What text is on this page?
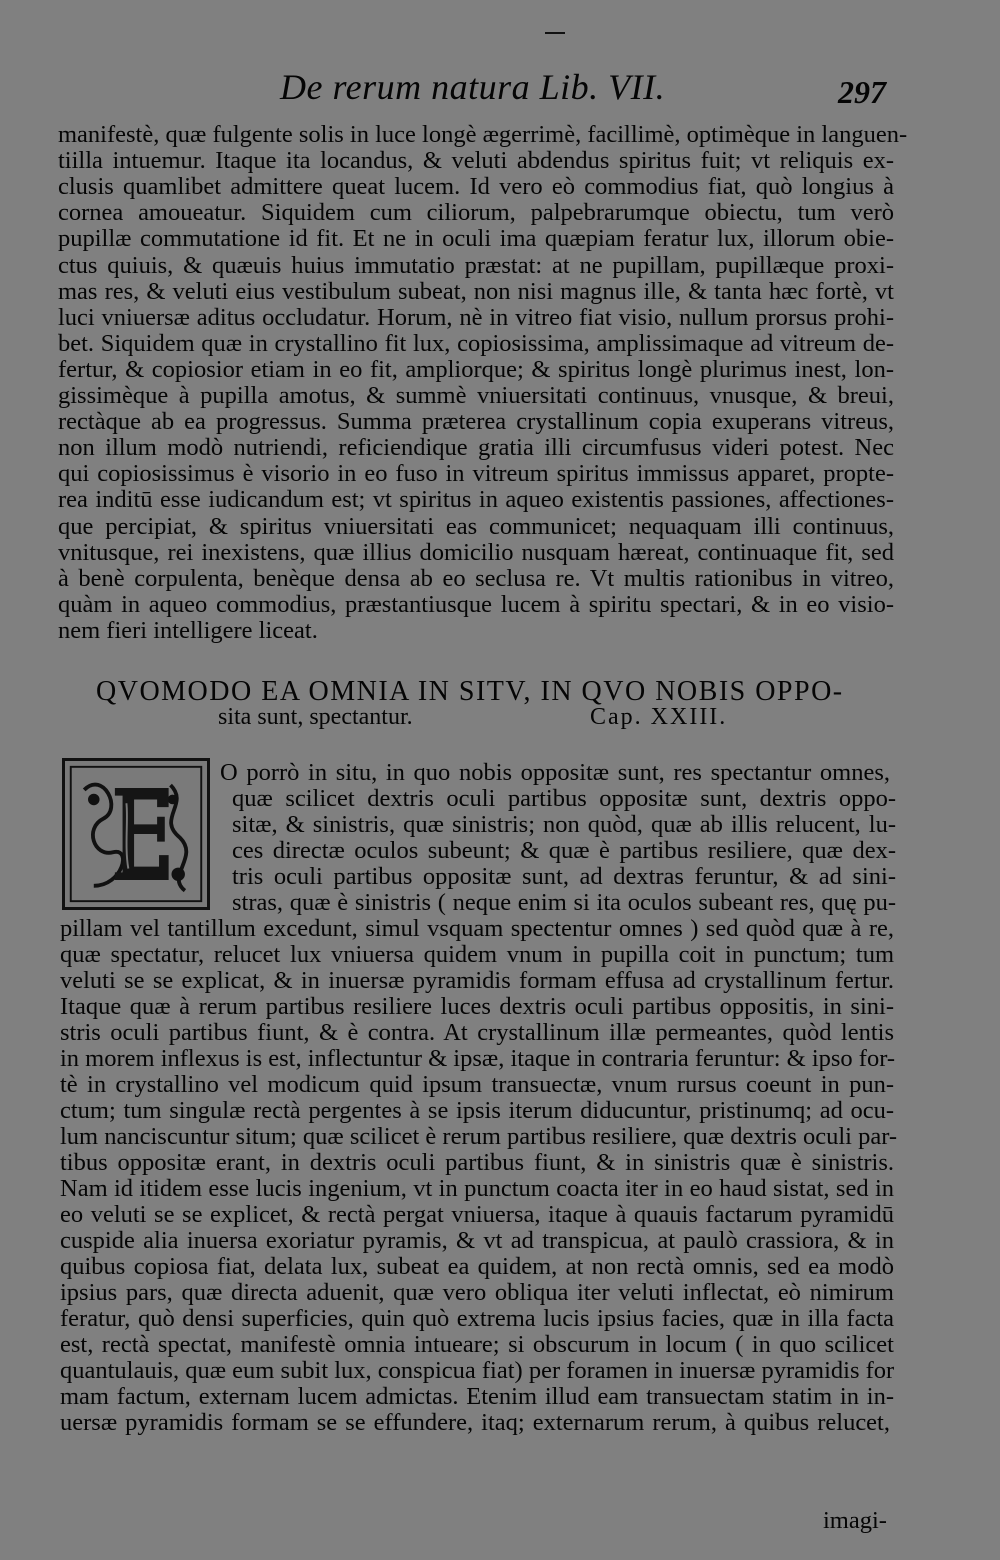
De rerum natura Lib. VII.	297
manifestè, quæ fulgente solis in luce longè ægerrimè, facillimè, optimèque in languen-
tiilla intuemur. Itaque ita locandus, & veluti abdendus spiritus fuit; vt reliquis ex-
clusis quamlibet admittere queat lucem. Id vero eò commodius fiat, quò longius à
cornea amoueatur. Siquidem cum ciliorum, palpebrarumque obiectu, tum verò
pupillæ commutatione id fit. Et ne in oculi ima quæpiam feratur lux, illorum obie-
ctus quiuis, & quæuis huius immutatio præstat: at ne pupillam, pupillæque proxi-
mas res, & veluti eius vestibulum subeat, non nisi magnus ille, & tanta hæc fortè, vt
luci vniuersæ aditus occludatur. Horum, nè in vitreo fiat visio, nullum prorsus prohi-
bet. Siquidem quæ in crystallino fit lux, copiosissima, amplissimaque ad vitreum de-
fertur, & copiosior etiam in eo fit, ampliorque; & spiritus longè plurimus inest, lon-
gissimèque à pupilla amotus, & summè vniuersitati continuus, vnusque, & breui,
rectàque ab ea progressus. Summa præterea crystallinum copia exuperans vitreus,
non illum modò nutriendi, reficiendique gratia illi circumfusus videri potest. Nec
qui copiosissimus è visorio in eo fuso in vitreum spiritus immissus apparet, propte-
rea inditū esse iudicandum est; vt spiritus in aqueo existentis passiones, affectiones-
que percipiat, & spiritus vniuersitati eas communicet; nequaquam illi continuus,
vnitusque, rei inexistens, quæ illius domicilio nusquam hæreat, continuaque fit, sed
à benè corpulenta, benèque densa ab eo seclusa re. Vt multis rationibus in vitreo,
quàm in aqueo commodius, præstantiusque lucem à spiritu spectari, & in eo visio-
nem fieri intelligere liceat.
QVOMODO EA OMNIA IN SITV, IN QVO NOBIS OPPO-
sita sunt, spectantur.	Cap. XXIII.
O porrò in situ, in quo nobis oppositæ sunt, res spectantur omnes,
quæ scilicet dextris oculi partibus oppositæ sunt, dextris oppo-
sitæ, & sinistris, quæ sinistris; non quòd, quæ ab illis relucent, lu-
ces directæ oculos subeunt; & quæ è partibus resiliere, quæ dex-
tris oculi partibus oppositæ sunt, ad dextras feruntur, & ad sini-
stras, quæ è sinistris ( neque enim si ita oculos subeant res, quę pu-
pillam vel tantillum excedunt, simul vsquam spectentur omnes ) sed quòd quæ à re,
quæ spectatur, relucet lux vniuersa quidem vnum in pupilla coit in punctum; tum
veluti se se explicat, & in inuersæ pyramidis formam effusa ad crystallinum fertur.
Itaque quæ à rerum partibus resiliere luces dextris oculi partibus oppositis, in sini-
stris oculi partibus fiunt, & è contra. At crystallinum illæ permeantes, quòd lentis
in morem inflexus is est, inflectuntur & ipsæ, itaque in contraria feruntur: & ipso for-
tè in crystallino vel modicum quid ipsum transuectæ, vnum rursus coeunt in pun-
ctum; tum singulæ rectà pergentes à se ipsis iterum diducuntur, pristinumq; ad ocu-
lum nanciscuntur situm; quæ scilicet è rerum partibus resiliere, quæ dextris oculi par-
tibus oppositæ erant, in dextris oculi partibus fiunt, & in sinistris quæ è sinistris.
Nam id itidem esse lucis ingenium, vt in punctum coacta iter in eo haud sistat, sed in
eo veluti se se explicet, & rectà pergat vniuersa, itaque à quauis factarum pyramidū
cuspide alia inuersa exoriatur pyramis, & vt ad transpicua, at paulò crassiora, & in
quibus copiosa fiat, delata lux, subeat ea quidem, at non rectà omnis, sed ea modò
ipsius pars, quæ directa aduenit, quæ vero obliqua iter veluti inflectat, eò nimirum
feratur, quò densi superficies, quin quò extrema lucis ipsius facies, quæ in illa facta
est, rectà spectat, manifestè omnia intueare; si obscurum in locum ( in quo scilicet
quantulauis, quæ eum subit lux, conspicua fiat) per foramen in inuersæ pyramidis for
mam factum, externam lucem admictas. Etenim illud eam transuectam statim in in-
uersæ pyramidis formam se se effundere, itaq; externarum rerum, à quibus relucet,
imagi-
